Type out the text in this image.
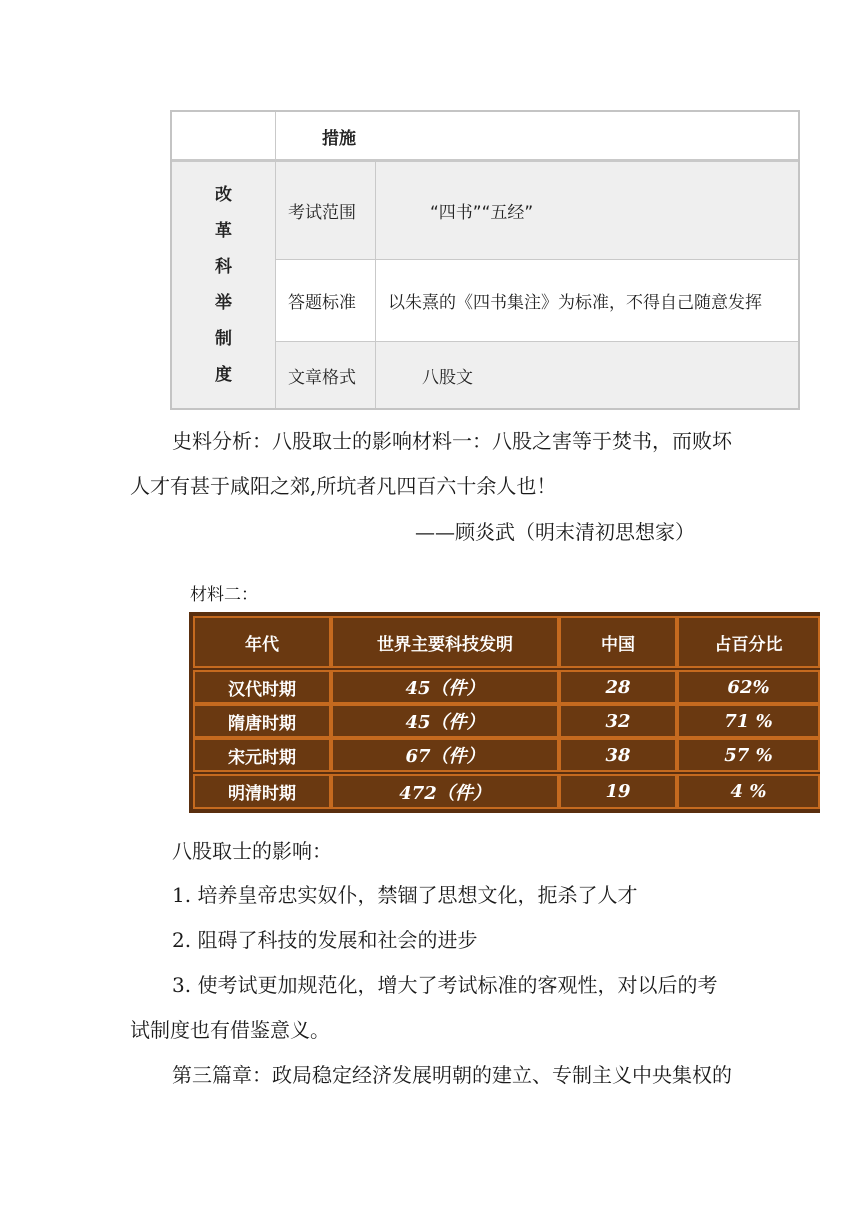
措施
改
革
科
举
制
度
考试范围	“四书”“五经”
答题标准	以朱熹的《四书集注》为标准，不得自己随意发挥
文章格式	八股文
史料分析：八股取士的影响材料一：八股之害等于焚书，而败坏
人才有甚于咸阳之郊,所坑者凡四百六十余人也！
——顾炎武（明末清初思想家）
材料二：
年代	世界主要科技发明	中国	占百分比
汉代时期	45（件）	28	62%
隋唐时期	45（件）	32	71 %
宋元时期	67（件）	38	57 %
明清时期	472（件）	19	4 %
八股取士的影响：
1. 培养皇帝忠实奴仆，禁锢了思想文化，扼杀了人才
2. 阻碍了科技的发展和社会的进步
3. 使考试更加规范化，增大了考试标准的客观性，对以后的考
试制度也有借鉴意义。
第三篇章：政局稳定经济发展明朝的建立、专制主义中央集权的
